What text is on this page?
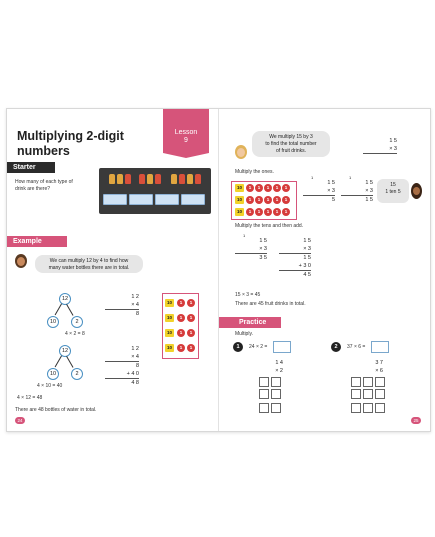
Multiplying 2-digit
numbers
Lesson
9
Starter
How many of each type of
drink are there?
Example
We can multiply 12 by 4 to find how
many water bottles there are in total.
12
10	2
4 × 2 = 8
12
10	2
4 × 10 = 40
4 × 12 = 48
There are 48 bottles of water in total.
1 2
× 4
8
1 2
× 4
8
+ 4 0
4 8
10	1	1
10	1	1
10	1	1
10	1	1
24
We multiply 15 by 3
to find the total number
of fruit drinks.
1 5
× 3
Multiply the ones.
10	1	1	1	1	1
10	1	1	1	1	1
10	1	1	1	1	1
1
1 5
× 3
5
1
1 5
× 3
1 5
15
1 ten 5
Multiply the tens and then add.
1
1 5
× 3
3 5
1 5
× 3
1 5
+ 3 0
4 5
15 × 3 = 45
There are 45 fruit drinks in total.
Practice
Multiply.
1	24 × 2 =
1 4
× 2
2	37 × 6 =
3 7
× 6
25
